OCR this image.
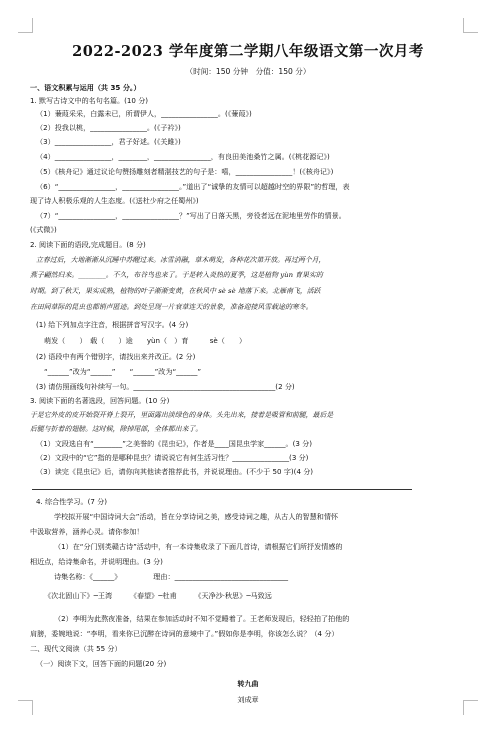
2022-2023 学年度第二学期八年级语文第一次月考
（时间：150 分钟　分值：150 分）
一、语文积累与运用（共 35 分。）
1. 默写古诗文中的名句名篇。(10 分)
（1）蒹葭采采，白露未已，所谓伊人，________________。(《蒹葭》)
（2）投我以桃，________________。(《子衿》)
（3）________________，君子好逑。(《关雎》)
（4）________________，________，________________，有良田美池桑竹之属。(《桃花源记》)
（5）《核舟记》通过议论句赞扬雕刻者精湛技艺的句子是：嘻，________________！(《核舟记》)
（6）“________________，________________。”道出了“诚挚的友情可以超越时空的界限”的哲理，表
现了诗人积极乐观的人生态度。(《送杜少府之任蜀州》)
（7）“________________，________________？”写出了日落天黑，旁役者远在泥地里劳作的情景。
(《式微》)
2. 阅读下面的语段,完成题目。(8 分)
立春过后，大地渐渐从沉睡中苏醒过来。冰雪消融，草木萌发，各种花次第开放。再过两个月，
燕子翩然归来。________。不久，布谷鸟也来了。于是转入炎热的夏季，这是植物 yùn 育果实的
时期。到了秋天，果实成熟，植物的叶子渐渐变黄，在秋风中 sè sè 地落下来。北雁南飞，活跃
在田间草际的昆虫也都销声匿迹。到处呈现一片衰草连天的景象，准备迎接风雪载途的寒冬。
(1) 给下列加点字注音，根据拼音写汉字。(4 分)
萌发（　　）　载（　　）途　　yùn（　）育　　　sè（　　）
(2) 语段中有两个错别字，请找出来并改正。(2 分)
“______”改为“______”　　“______”改为“______”
(3) 请仿照画线句补续写一句。________________________________________(2 分)
3. 阅读下面的名著选段，回答问题。(10 分)
于是它外皮的皮开始裂开脊上裂开，里面露出淡绿色的身体。头先出来，接着是吸管和前腿，最后是
后腿与折着的翅膀。这时候，除掉尾部，全体都出来了。
（1）文段选自有“________”之美誉的《昆虫记》，作者是____国昆虫学家______。(3 分)
（2）文段中的“它”指的是哪种昆虫？请说说它有何生活习性？________________(3 分)
（3）读完《昆虫记》后，请你向其他读者推荐此书，并说说理由。(不少于 50 字)(4 分)
4. 综合性学习。(7 分)
学校拟开展“中国诗词大会”活动，旨在分享诗词之美，感受诗词之趣，从古人的智慧和情怀
中汲取营养，涵养心灵。请你参加！
（1）在“分门别类赣古诗”活动中，有一本诗集收录了下面几首诗，请根据它们所抒发情感的
相近点，给诗集命名，并说明理由。(3 分)
诗集名称：《______》　　　　　理由：________________________________
《次北固山下》─王湾　　　《春望》─杜甫　　　《天净沙·秋思》─马致远
（2）李明为此熬夜准备，结果在参加活动时不知不觉睡着了。王老师发现后，轻轻拍了拍他的
肩膀，委婉地说：“李明，看来你已沉醉在诗词的意境中了。”假如你是李明，你该怎么说？（4 分）
二、现代文阅读（共 55 分）
（一）阅读下文，回答下面的问题(20 分)
转九曲
刘成章
